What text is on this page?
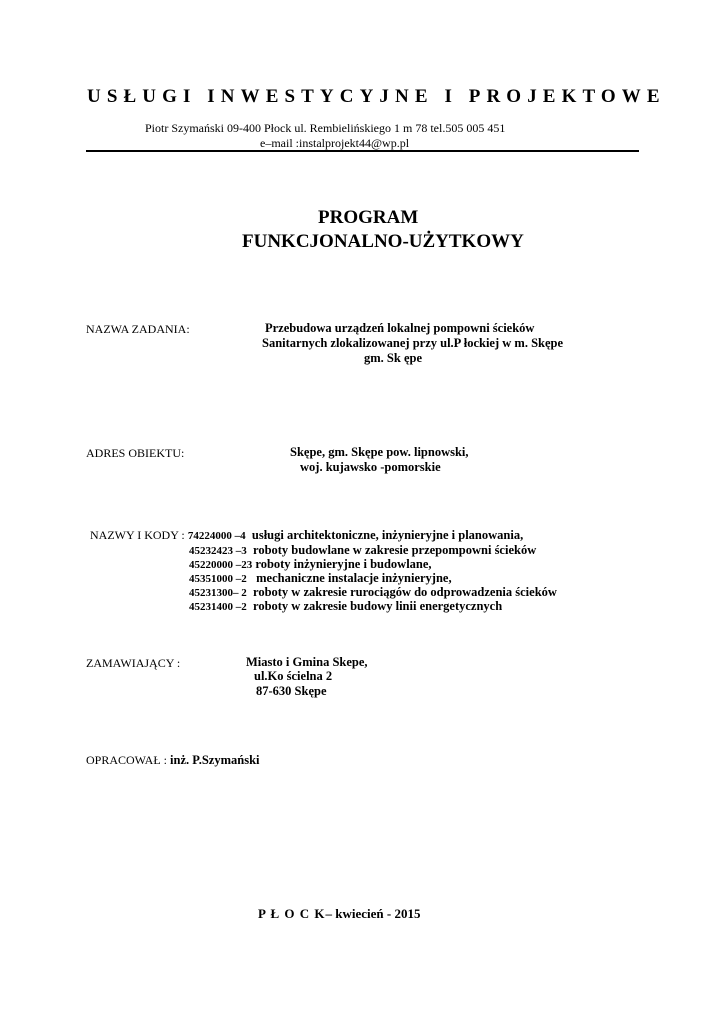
USŁUGI INWESTYCYJNE I PROJEKTOWE
Piotr Szymański 09-400 Płock ul. Rembielińskiego 1 m 78 tel.505 005 451
e–mail :instalprojekt44@wp.pl
PROGRAM
FUNKCJONALNO-UŻYTKOWY
NAZWA ZADANIA:	Przebudowa urządzeń lokalnej pompowni ścieków
Sanitarnych zlokalizowanej przy ul.P łockiej w m. Skępe
gm. Sk ępe
ADRES OBIEKTU:	Skępe, gm. Skępe pow. lipnowski,
woj. kujawsko -pomorskie
NAZWY I KODY : 74224000 –4 usługi architektoniczne, inżynieryjne i planowania,
45232423 –3 roboty budowlane w zakresie przepompowni ścieków
45220000 –23 roboty inżynieryjne i budowlane,
45351000 –2 mechaniczne instalacje inżynieryjne,
45231300– 2 roboty w zakresie rurociągów do odprowadzenia ścieków
45231400 –2 roboty w zakresie budowy linii energetycznych
ZAMAWIAJĄCY :	Miasto i Gmina Skepe,
ul.Ko ścielna 2
87-630 Skępe
OPRACOWAŁ : inż. P.Szymański
P Ł O C K– kwiecień - 2015
